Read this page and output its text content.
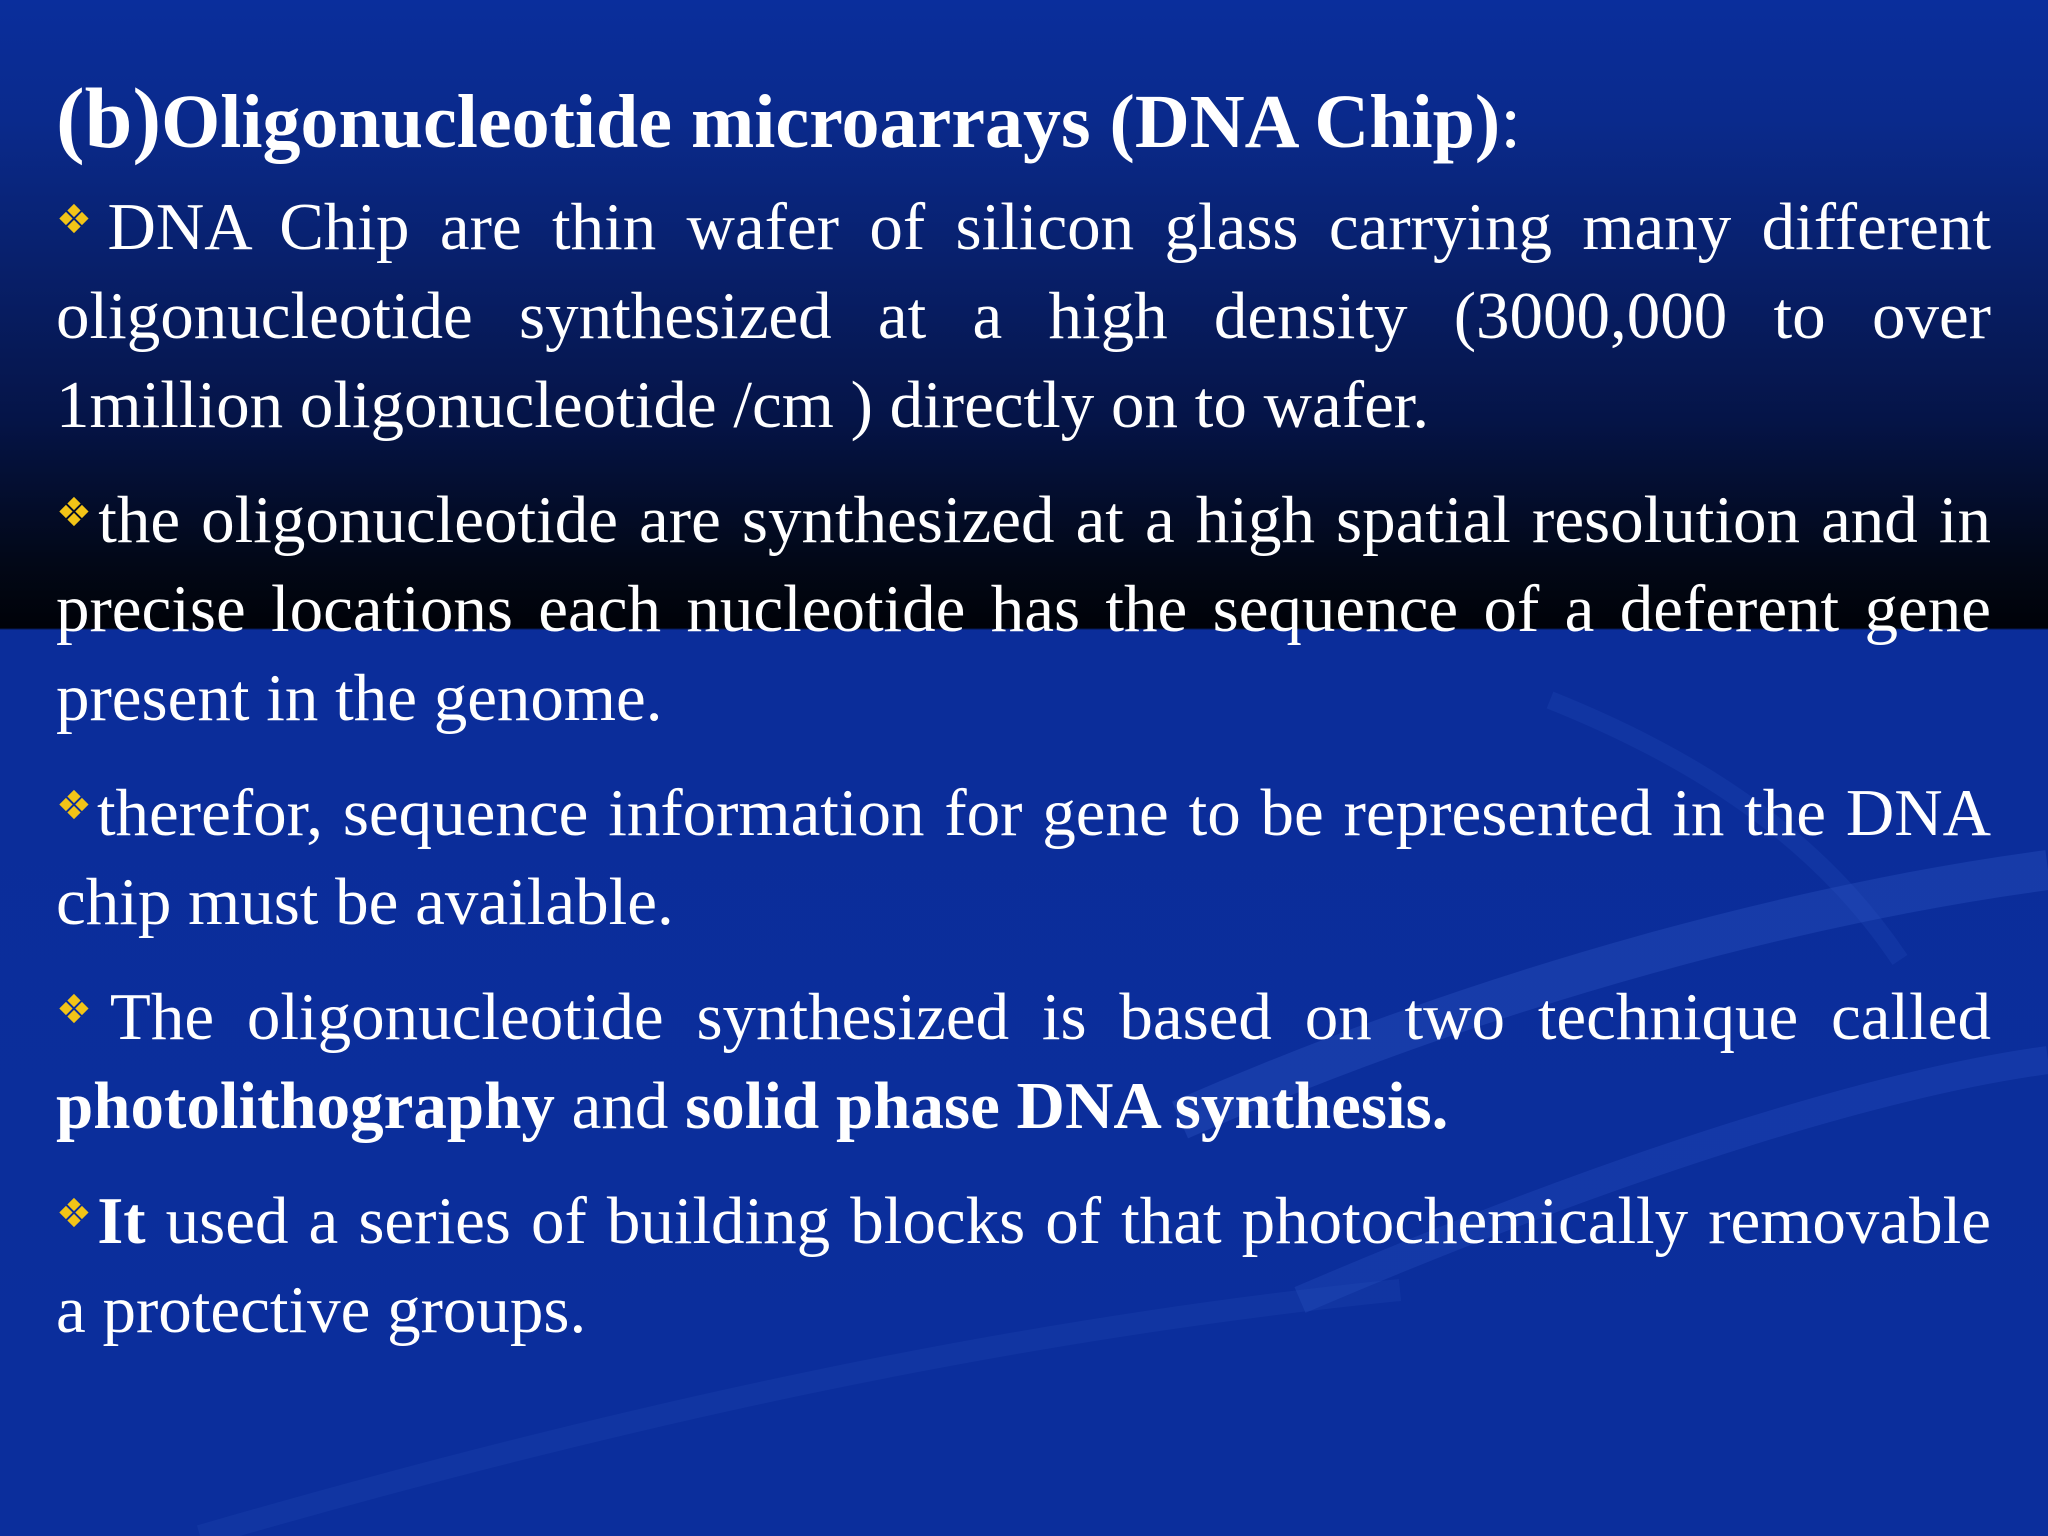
(b)Oligonucleotide microarrays (DNA Chip):
❖DNA Chip are thin wafer of silicon glass carrying many different oligonucleotide synthesized at a high density (3000,000 to over 1million oligonucleotide /cm ) directly on to wafer.
❖the oligonucleotide are synthesized at a high spatial resolution and in precise locations each nucleotide has the sequence of a deferent gene present in the genome.
❖therefor, sequence information for gene to be represented in the DNA chip must be available.
❖The oligonucleotide synthesized is based on two technique called photolithography and solid phase DNA synthesis.
❖It used a series of building blocks of that photochemically removable a protective groups.
